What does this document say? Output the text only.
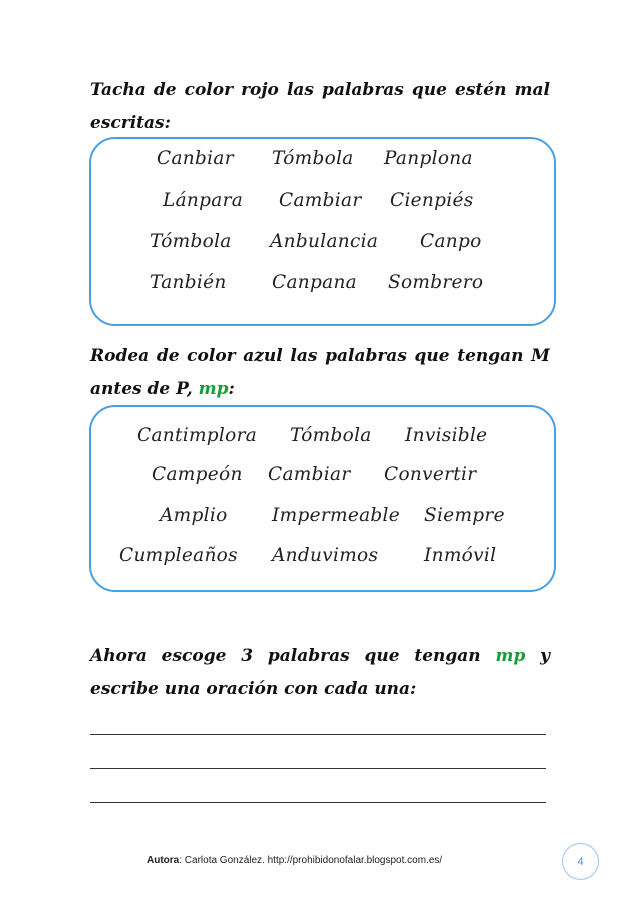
Tacha de color rojo las palabras que estén mal
escritas:
Canbiar Tómbola Panplona
Lánpara Cambiar Cienpiés
Tómbola Anbulancia Canpo
Tanbién Canpana Sombrero
Rodea de color azul las palabras que tengan M
antes de P, mp:
Cantimplora Tómbola Invisible
Campeón Cambiar Convertir
Amplio Impermeable Siempre
Cumpleaños Anduvimos Inmóvil
Ahora escoge 3 palabras que tengan mp y
escribe una oración con cada una:
Autora: Carlota González. http://prohibidonofalar.blogspot.com.es/	4
